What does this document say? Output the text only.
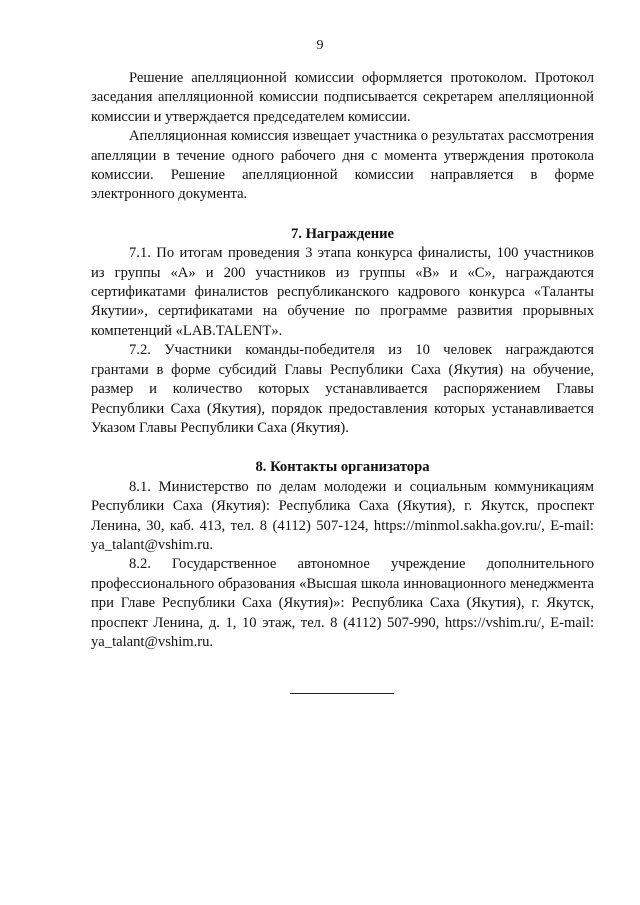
9

Решение апелляционной комиссии оформляется протоколом. Протокол заседания апелляционной комиссии подписывается секретарем апелляционной комиссии и утверждается председателем комиссии.

Апелляционная комиссия извещает участника о результатах рассмотрения апелляции в течение одного рабочего дня с момента утверждения протокола комиссии. Решение апелляционной комиссии направляется в форме электронного документа.

7. Награждение

7.1. По итогам проведения 3 этапа конкурса финалисты, 100 участников из группы «А» и 200 участников из группы «В» и «С», награждаются сертификатами финалистов республиканского кадрового конкурса «Таланты Якутии», сертификатами на обучение по программе развития прорывных компетенций «LAB.TALENT».

7.2. Участники команды-победителя из 10 человек награждаются грантами в форме субсидий Главы Республики Саха (Якутия) на обучение, размер и количество которых устанавливается распоряжением Главы Республики Саха (Якутия), порядок предоставления которых устанавливается Указом Главы Республики Саха (Якутия).

8. Контакты организатора

8.1. Министерство по делам молодежи и социальным коммуникациям Республики Саха (Якутия): Республика Саха (Якутия), г. Якутск, проспект Ленина, 30, каб. 413, тел. 8 (4112) 507-124, https://minmol.sakha.gov.ru/, E-mail: ya_talant@vshim.ru.

8.2. Государственное автономное учреждение дополнительного профессионального образования «Высшая школа инновационного менеджмента при Главе Республики Саха (Якутия)»: Республика Саха (Якутия), г. Якутск, проспект Ленина, д. 1, 10 этаж, тел. 8 (4112) 507-990, https://vshim.ru/, E-mail: ya_talant@vshim.ru.
